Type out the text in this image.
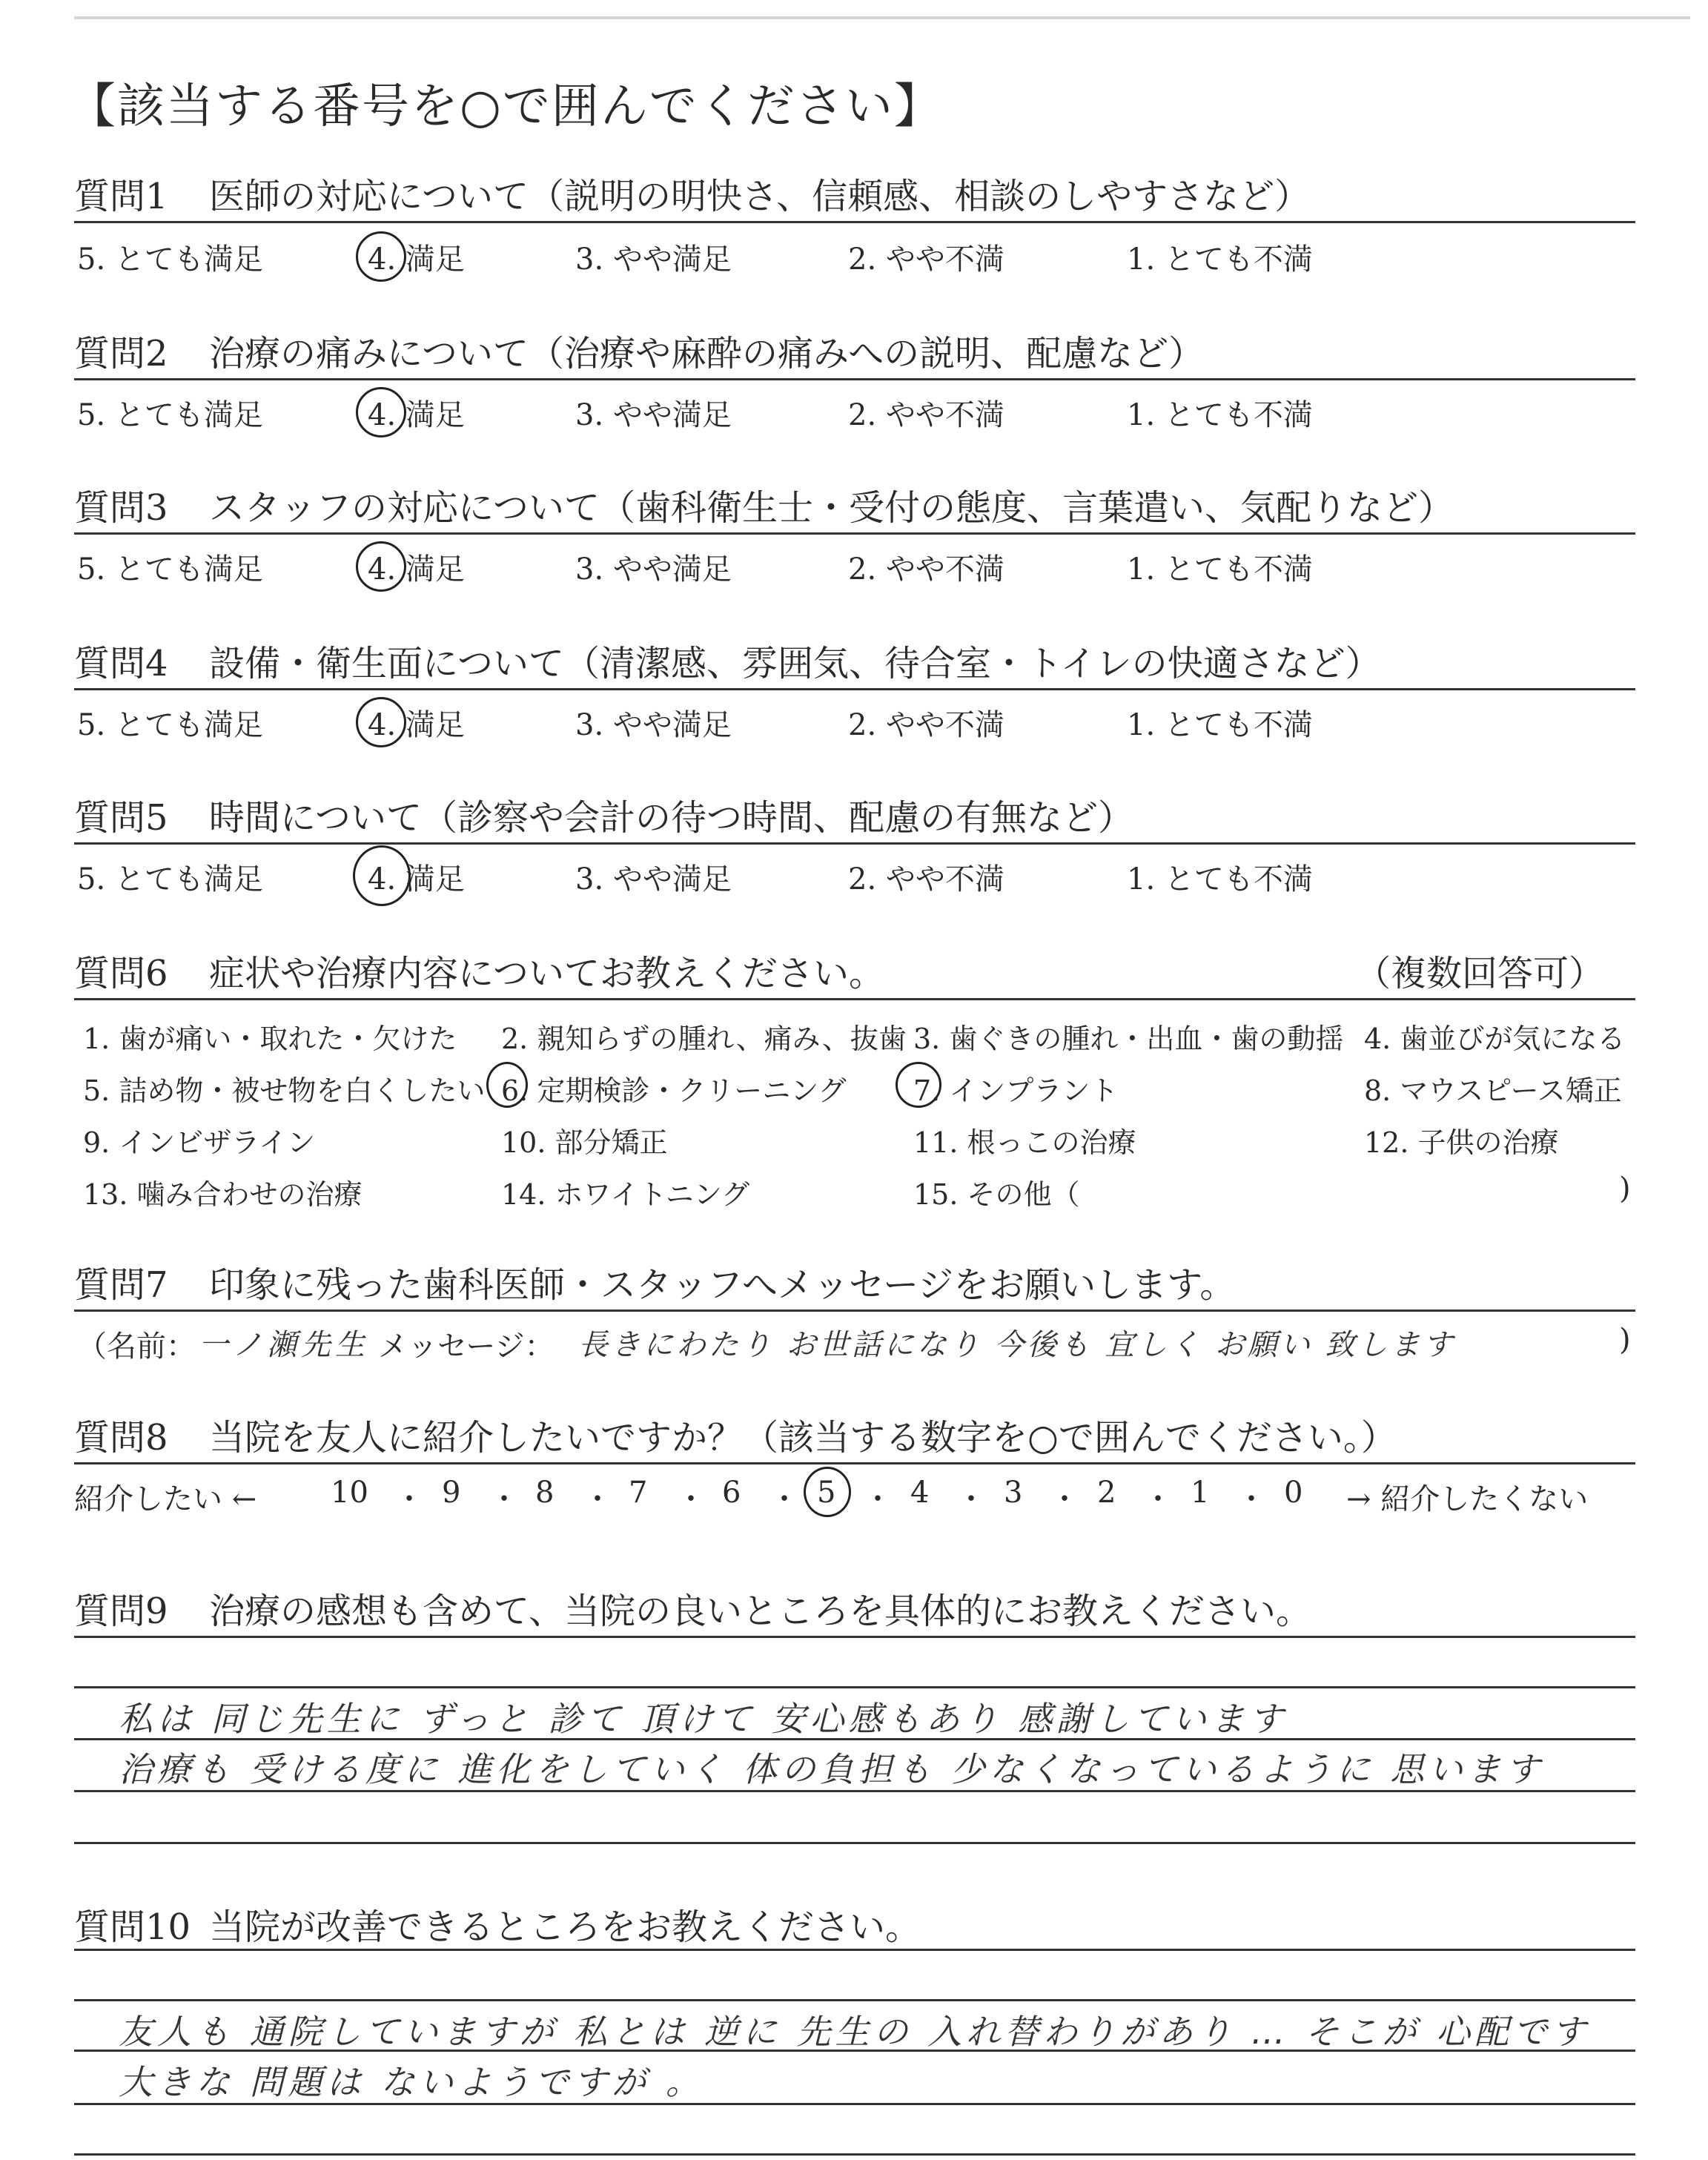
【該当する番号を○で囲んでください】
質問1 医師の対応について（説明の明快さ、信頼感、相談のしやすさなど）
5. とても満足	4. 満足	3. やや満足	2. やや不満	1. とても不満
質問2 治療の痛みについて（治療や麻酔の痛みへの説明、配慮など）
5. とても満足	4. 満足	3. やや満足	2. やや不満	1. とても不満
質問3 スタッフの対応について（歯科衛生士・受付の態度、言葉遣い、気配りなど）
5. とても満足	4. 満足	3. やや満足	2. やや不満	1. とても不満
質問4 設備・衛生面について（清潔感、雰囲気、待合室・トイレの快適さなど）
5. とても満足	4. 満足	3. やや満足	2. やや不満	1. とても不満
質問5 時間について（診察や会計の待つ時間、配慮の有無など）
5. とても満足	4. 満足	3. やや満足	2. やや不満	1. とても不満
質問6 症状や治療内容についてお教えください。	（複数回答可）
1. 歯が痛い・取れた・欠けた 2. 親知らずの腫れ、痛み、抜歯 3. 歯ぐきの腫れ・出血・歯の動揺 4. 歯並びが気になる
5. 詰め物・被せ物を白くしたい 6. 定期検診・クリーニング 7. インプラント	8. マウスピース矯正
9. インビザライン	10. 部分矯正	11. 根っこの治療	12. 子供の治療
13. 噛み合わせの治療	14. ホワイトニング	15. その他（	)
質問7 印象に残った歯科医師・スタッフへメッセージをお願いします。
（名前： 一ノ瀬先生 メッセージ： 長きにわたり お世話になり 今後も 宜しく お願い 致します	)
質問8 当院を友人に紹介したいですか？（該当する数字を○で囲んでください。）
紹介したい ← 10 ・ 9 ・ 8 ・ 7 ・ 6 ・ 5 ・ 4 ・ 3 ・ 2 ・ 1 ・ 0 → 紹介したくない
質問9 治療の感想も含めて、当院の良いところを具体的にお教えください。
私は 同じ先生に ずっと 診て 頂けて 安心感もあり 感謝しています
治療も 受ける度に 進化をしていく 体の負担も 少なくなっているように 思います
質問10 当院が改善できるところをお教えください。
友人も 通院していますが 私とは 逆に 先生の 入れ替わりがあり … そこが 心配です
大きな 問題は ないようですが 。
